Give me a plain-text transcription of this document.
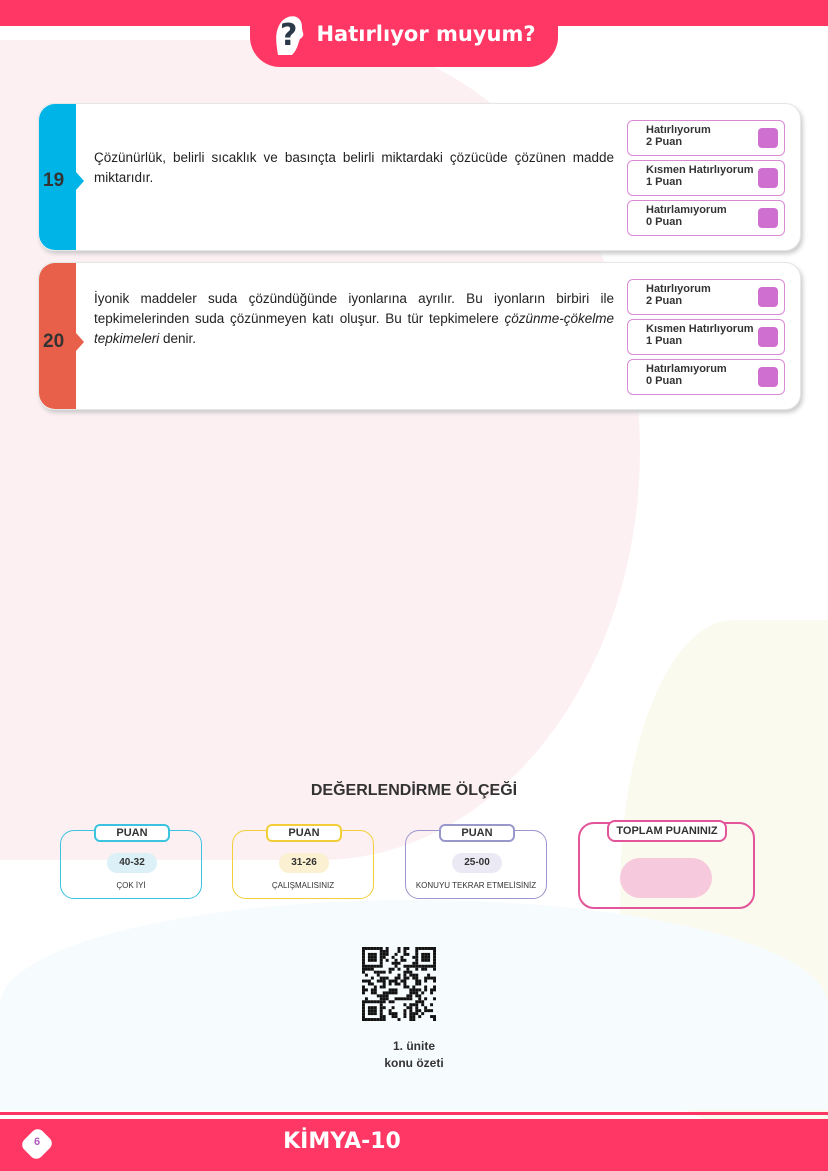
? Hatırlıyor muyum?
19
Çözünürlük, belirli sıcaklık ve basınçta belirli miktardaki çözücüde çözünen madde miktarıdır.
Hatırlıyorum
2 Puan
Kısmen Hatırlıyorum
1 Puan
Hatırlamıyorum
0 Puan
20
İyonik maddeler suda çözündüğünde iyonlarına ayrılır. Bu iyonların birbiri ile tepkimelerinden suda çözünmeyen katı oluşur. Bu tür tepkimelere çözünme-çökelme tepkimeleri denir.
Hatırlıyorum
2 Puan
Kısmen Hatırlıyorum
1 Puan
Hatırlamıyorum
0 Puan
DEĞERLENDİRME ÖLÇEĞİ
PUAN
40-32
ÇOK İYİ
PUAN
31-26
ÇALIŞMALISINIZ
PUAN
25-00
KONUYU TEKRAR ETMELİSİNİZ
TOPLAM PUANINIZ
1. ünite
konu özeti
6	KİMYA-10
